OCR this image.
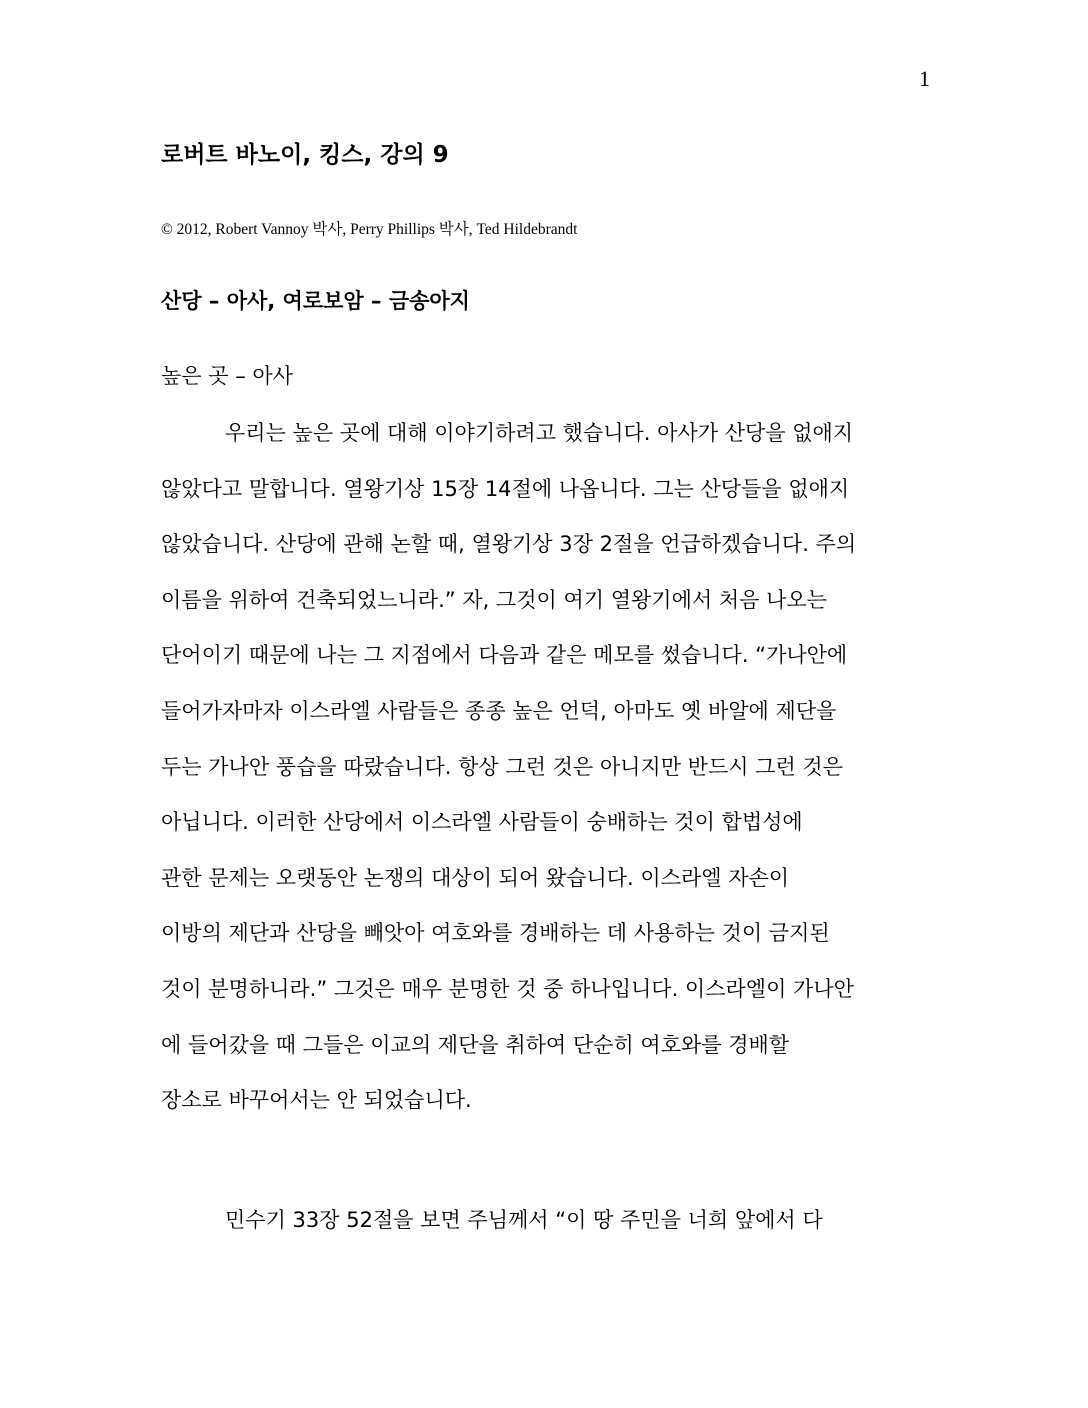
1
로버트 바노이, 킹스, 강의 9
© 2012, Robert Vannoy 박사, Perry Phillips 박사, Ted Hildebrandt
산당 – 아사, 여로보암 – 금송아지
높은 곳 – 아사
우리는 높은 곳에 대해 이야기하려고 했습니다. 아사가 산당을 없애지
않았다고 말합니다. 열왕기상 15장 14절에 나옵니다. 그는 산당들을 없애지
않았습니다. 산당에 관해 논할 때, 열왕기상 3장 2절을 언급하겠습니다. 주의
이름을 위하여 건축되었느니라.” 자, 그것이 여기 열왕기에서 처음 나오는
단어이기 때문에 나는 그 지점에서 다음과 같은 메모를 썼습니다. “가나안에
들어가자마자 이스라엘 사람들은 종종 높은 언덕, 아마도 옛 바알에 제단을
두는 가나안 풍습을 따랐습니다. 항상 그런 것은 아니지만 반드시 그런 것은
아닙니다. 이러한 산당에서 이스라엘 사람들이 숭배하는 것이 합법성에
관한 문제는 오랫동안 논쟁의 대상이 되어 왔습니다. 이스라엘 자손이
이방의 제단과 산당을 빼앗아 여호와를 경배하는 데 사용하는 것이 금지된
것이 분명하니라.” 그것은 매우 분명한 것 중 하나입니다. 이스라엘이 가나안
에 들어갔을 때 그들은 이교의 제단을 취하여 단순히 여호와를 경배할
장소로 바꾸어서는 안 되었습니다.
민수기 33장 52절을 보면 주님께서 “이 땅 주민을 너희 앞에서 다
